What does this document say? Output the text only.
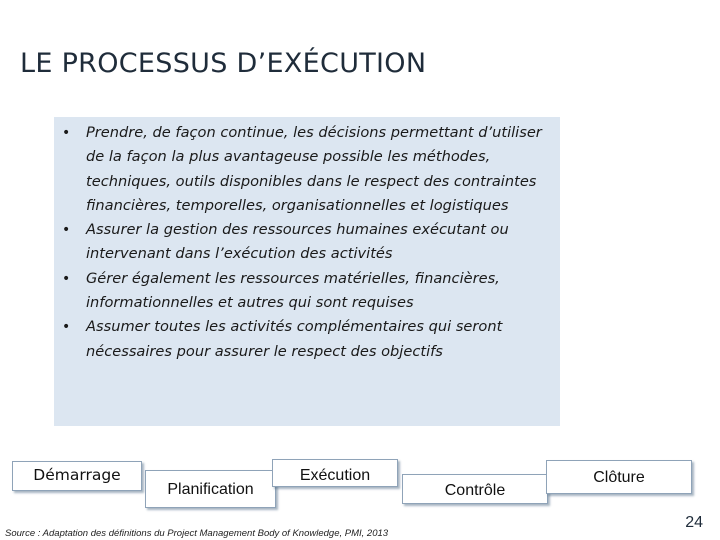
LE PROCESSUS D’EXÉCUTION
• Prendre, de façon continue, les décisions permettant d’utiliser de la façon la plus avantageuse possible les méthodes, techniques, outils disponibles dans le respect des contraintes financières, temporelles, organisationnelles et logistiques
• Assurer la gestion des ressources humaines exécutant ou intervenant dans l’exécution des activités
• Gérer également les ressources matérielles, financières, informationnelles et autres qui sont requises
• Assumer toutes les activités complémentaires qui seront nécessaires pour assurer le respect des objectifs
Démarrage
Planification
Exécution
Contrôle
Clôture
Source : Adaptation des définitions du Project Management Body of Knowledge, PMI, 2013
24
